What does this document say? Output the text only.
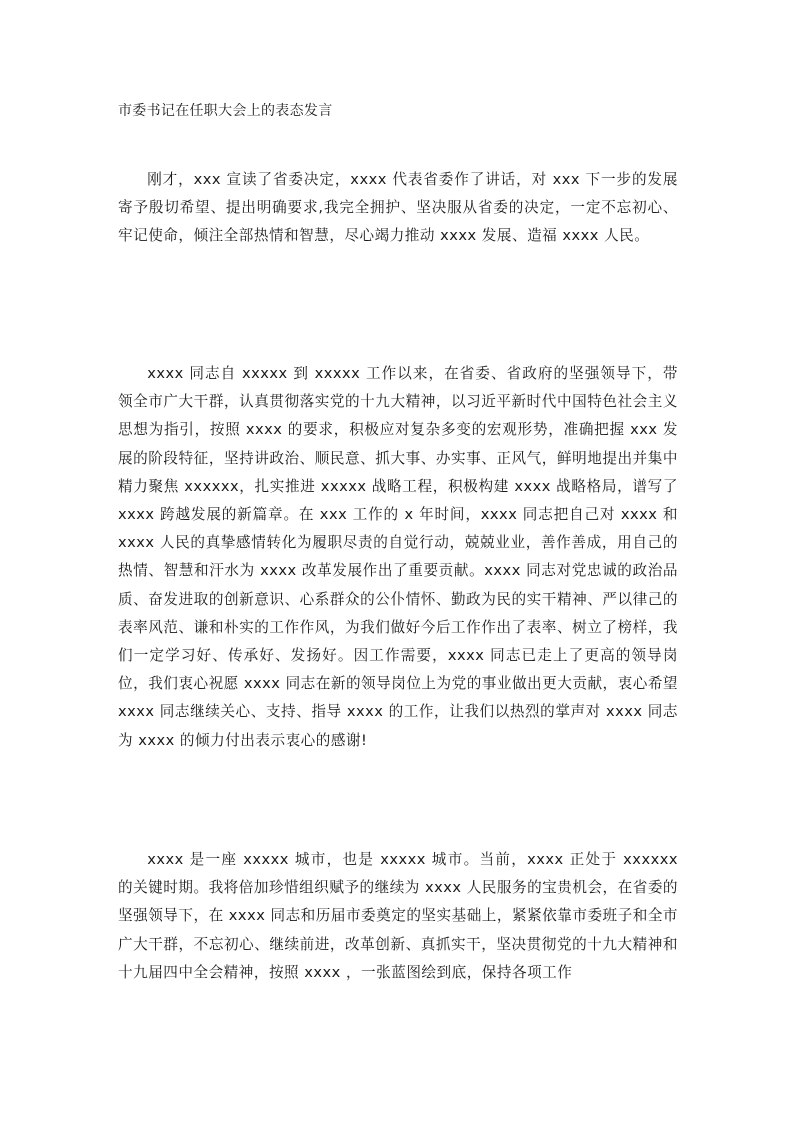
市委书记在任职大会上的表态发言

刚才，xxx 宣读了省委决定，xxxx 代表省委作了讲话，对 xxx 下一步的发展寄予殷切希望、提出明确要求,我完全拥护、坚决服从省委的决定，一定不忘初心、牢记使命，倾注全部热情和智慧，尽心竭力推动 xxxx 发展、造福 xxxx 人民。

xxxx 同志自 xxxxx 到 xxxxx 工作以来，在省委、省政府的坚强领导下，带领全市广大干群，认真贯彻落实党的十九大精神，以习近平新时代中国特色社会主义思想为指引，按照 xxxx 的要求，积极应对复杂多变的宏观形势，准确把握 xxx 发展的阶段特征，坚持讲政治、顺民意、抓大事、办实事、正风气，鲜明地提出并集中精力聚焦 xxxxxx，扎实推进 xxxxx 战略工程，积极构建 xxxx 战略格局，谱写了 xxxx 跨越发展的新篇章。在 xxx 工作的 x 年时间，xxxx 同志把自己对 xxxx 和 xxxx 人民的真挚感情转化为履职尽责的自觉行动，兢兢业业，善作善成，用自己的热情、智慧和汗水为 xxxx 改革发展作出了重要贡献。xxxx 同志对党忠诚的政治品质、奋发进取的创新意识、心系群众的公仆情怀、勤政为民的实干精神、严以律己的表率风范、谦和朴实的工作作风，为我们做好今后工作作出了表率、树立了榜样，我们一定学习好、传承好、发扬好。因工作需要，xxxx 同志已走上了更高的领导岗位，我们衷心祝愿 xxxx 同志在新的领导岗位上为党的事业做出更大贡献，衷心希望 xxxx 同志继续关心、支持、指导 xxxx 的工作，让我们以热烈的掌声对 xxxx 同志为 xxxx 的倾力付出表示衷心的感谢!

xxxx 是一座 xxxxx 城市，也是 xxxxx 城市。当前，xxxx 正处于 xxxxxx 的关键时期。我将倍加珍惜组织赋予的继续为 xxxx 人民服务的宝贵机会，在省委的坚强领导下，在 xxxx 同志和历届市委奠定的坚实基础上，紧紧依靠市委班子和全市广大干群，不忘初心、继续前进，改革创新、真抓实干，坚决贯彻党的十九大精神和十九届四中全会精神，按照 xxxx ，一张蓝图绘到底，保持各项工作
